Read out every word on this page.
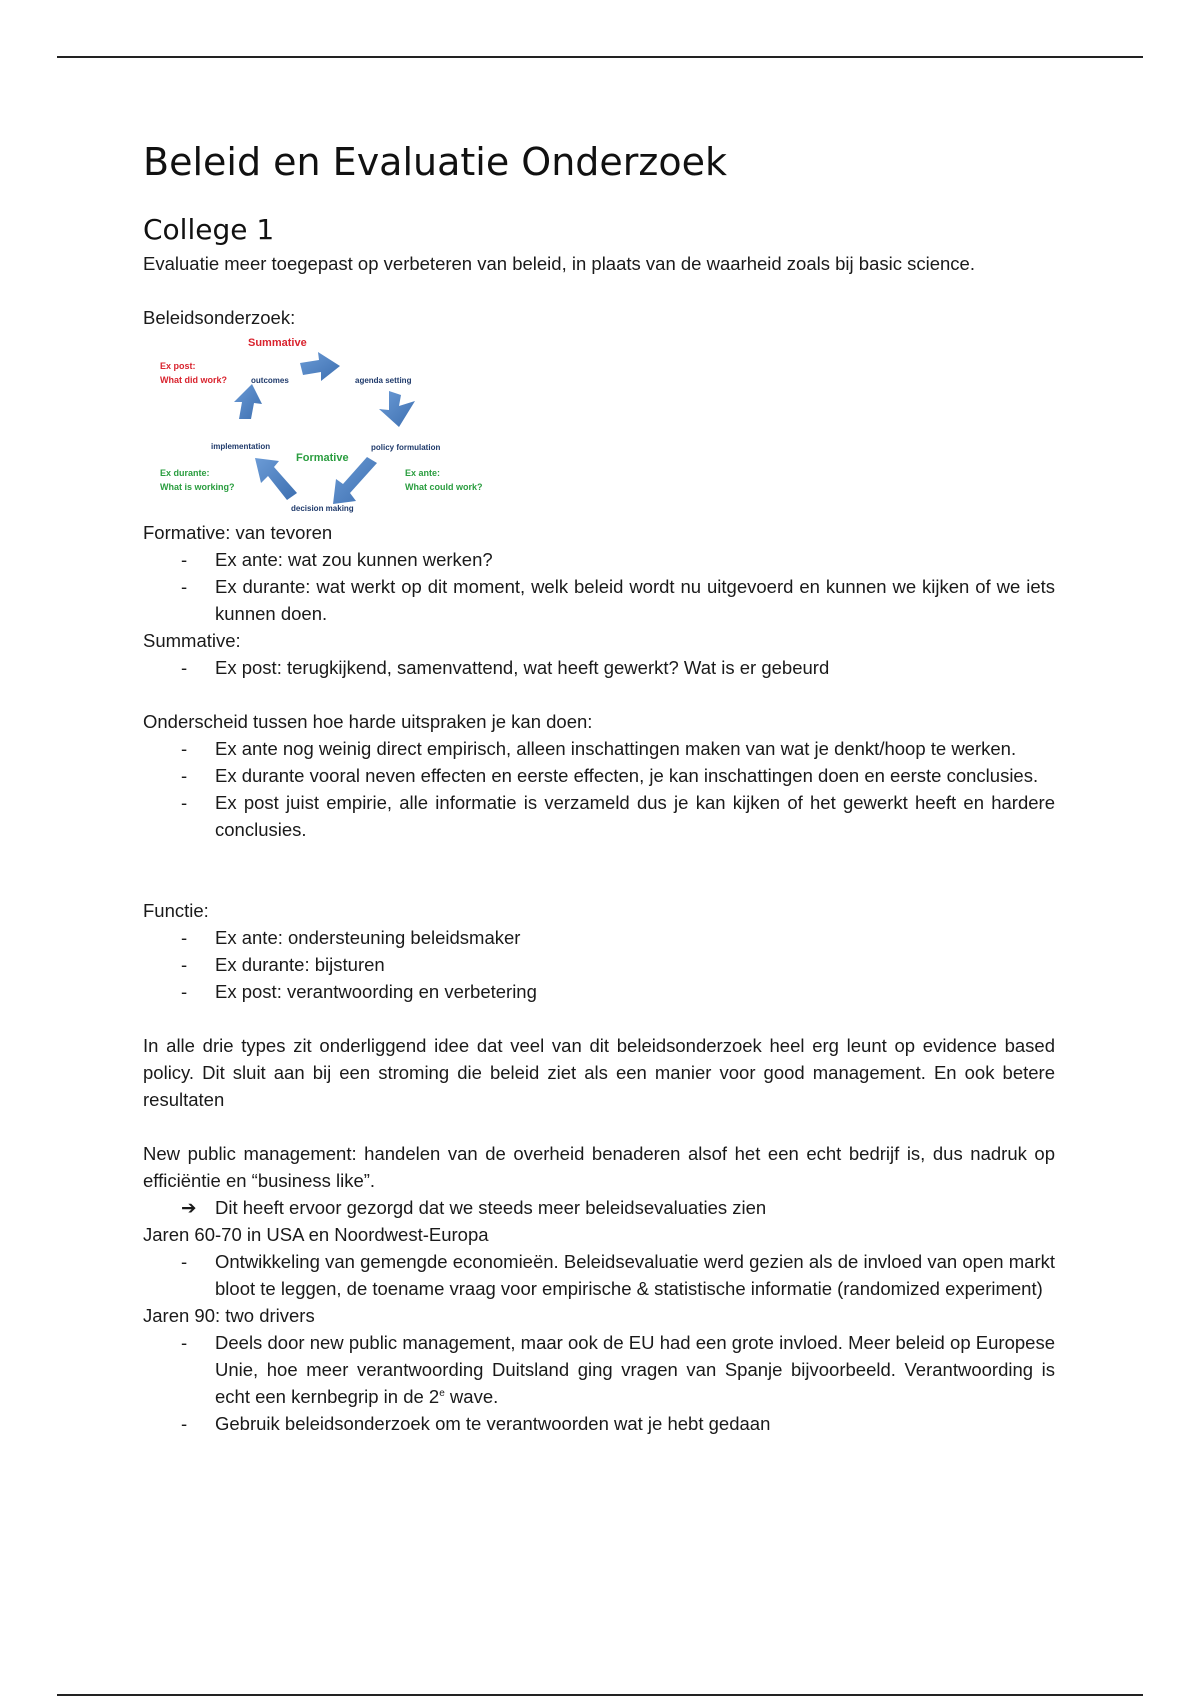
Beleid en Evaluatie Onderzoek
College 1

Evaluatie meer toegepast op verbeteren van beleid, in plaats van de waarheid zoals bij basic science.

Beleidsonderzoek:

Summative
Ex post:
What did work?	outcomes	agenda setting
implementation	policy formulation
Formative
Ex durante:
What is working?
Ex ante:
What could work?
decision making

Formative: van tevoren

- Ex ante: wat zou kunnen werken?
- Ex durante: wat werkt op dit moment, welk beleid wordt nu uitgevoerd en kunnen we kijken of we iets kunnen doen.

Summative:

- Ex post: terugkijkend, samenvattend, wat heeft gewerkt? Wat is er gebeurd

Onderscheid tussen hoe harde uitspraken je kan doen:

- Ex ante nog weinig direct empirisch, alleen inschattingen maken van wat je denkt/hoop te werken.
- Ex durante vooral neven effecten en eerste effecten, je kan inschattingen doen en eerste conclusies.
- Ex post juist empirie, alle informatie is verzameld dus je kan kijken of het gewerkt heeft en hardere conclusies.

Functie:

- Ex ante: ondersteuning beleidsmaker
- Ex durante: bijsturen
- Ex post: verantwoording en verbetering

In alle drie types zit onderliggend idee dat veel van dit beleidsonderzoek heel erg leunt op evidence based policy. Dit sluit aan bij een stroming die beleid ziet als een manier voor good management. En ook betere resultaten

New public management: handelen van de overheid benaderen alsof het een echt bedrijf is, dus nadruk op efficiëntie en “business like”.

➔ Dit heeft ervoor gezorgd dat we steeds meer beleidsevaluaties zien

Jaren 60-70 in USA en Noordwest-Europa

- Ontwikkeling van gemengde economieën. Beleidsevaluatie werd gezien als de invloed van open markt bloot te leggen, de toename vraag voor empirische & statistische informatie (randomized experiment)

Jaren 90: two drivers

- Deels door new public management, maar ook de EU had een grote invloed. Meer beleid op Europese Unie, hoe meer verantwoording Duitsland ging vragen van Spanje bijvoorbeeld. Verantwoording is echt een kernbegrip in de 2e wave.
- Gebruik beleidsonderzoek om te verantwoorden wat je hebt gedaan
